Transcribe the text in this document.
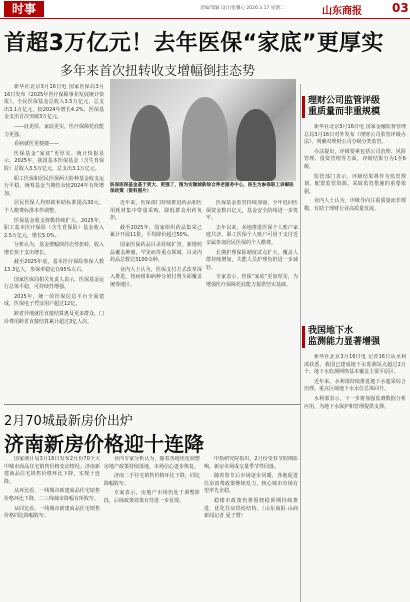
时事	责编/邹颖 设计/张馨心 2026.3.17 星期二	山东商报	03
首超3万亿元！去年医保“家底”更厚实
多年来首次扭转收支增幅倒挂态势

新华社北京3月16日电 国家医保局3月16日发布《2025年医疗保障事业发展统计快报》。全民医保基金总收入3.5万亿元，总支出3.1万亿元，较2024年增长4.2%，医保基金支出首次突破3万亿元。

——底更厚，家底更实，医疗保障托底能力更强。

看病就医更便捷——

医保基金“家底”更厚实。统计快报显示，2025年，我国基本医保基金（含生育保险）总收入3.5万亿元，总支出3.1万亿元。

职工医保和居民医保两大险种基金收支运行平稳，统筹基金当期结余较2024年有所增加。

居民医保人均财政补助标准提高30元，个人缴费标准未作调整。

医保基金收支规模持续扩大。2025年，职工基本医疗保险（含生育保险）基金收入2.5万亿元，增长5.0%。

分析认为，基金增幅倒挂态势扭转，收入增长快于支出增长。

截至2025年底，基本医疗保险参保人数13.3亿人，参保率稳定在95%左右。

国家医保局相关负责人表示，医保基金运行总体平稳，可持续性增强。

2025年，统一的医保信息平台全面建成，医保电子凭证用户超过12亿。

跨省异地就医直接结算惠及更多群众，门诊费用跨省直接结算累计超过3亿人次。

医保医保基金基于更大、更强了，图为安顺城新综合养老服务中心，医生为参保职工讲解医保政策（资料图片）

近年来，医保部门持续推进药品和医用耗材集中带量采购，降低群众用药负担。

截至2025年，国家组织药品集采已累计开展11批，平均降价超过50%。

国家医保药品目录持续扩容，新增药品覆盖肿瘤、罕见病等重点领域，目录内药品总数达3100余种。

业内人士认为，医保支付方式改革深入推进，按病组和病种分值付费全面覆盖统筹地区。

医保基金监管持续加强，全年追回医保资金数百亿元，基金安全防线进一步筑牢。

去年以来，多地推进医保个人账户家庭共济，职工医保个人账户可用于支付近亲属参加居民医保的个人缴费。

长期护理保险制度试点扩大，覆盖人群持续增加，失能人员护理负担进一步减轻。

专家表示，医保“家底”更加厚实，为增强医疗保障托底能力提供坚实基础。

理财公司监管评级
重质量而非重规模

新华社北京3月16日电 国家金融监督管理总局3月16日对外发布《理财公司监管评级办法》，明确对理财公司分级分类监管。

办法提出，评级要素包括公司治理、风险管理、投资管理等方面，评级结果分为1至6级。

监管部门表示，评级结果将作为监管规划、配置监管资源、采取监管措施的重要依据。

业内人士认为，评级导向注重质量而非规模，有助于理财行业高质量发展。

我国地下水
监测能力显著增强

新华社北京3月16日电 记者16日从水利部获悉，我国已建成地下水监测站点超过2万个，地下水监测网络基本覆盖主要平原区。

近年来，水利部持续推进地下水超采综合治理，重点区域地下水水位总体回升。

水利部表示，下一步将加强监测数据分析应用，为地下水保护和管理提供支撑。

2月70城最新房价出炉
济南新房价格迎十连降

国家统计局3月16日发布2月份70个大中城市商品住宅销售价格变动情况。济南新建商品住宅销售价格环比下降，实现十连降。

从环比看，一线城市新建商品住宅销售价格环比下降，二三线城市降幅有所收窄。

从同比看，一线城市新建商品住宅销售价格同比降幅收窄。

业内专家分析认为，随着各地优化调整房地产政策持续落地，市场信心逐步恢复。

济南二手住宅销售价格环比下降，同比降幅收窄。

专家表示，房地产市场仍处于调整阶段，后续政策效果有待进一步显现。

中指研究院指出，2月份受春节假期影响，新房市场成交量季节性回落。

随着春节后市场逐步回暖，各地促进住房消费政策继续发力，核心城市市场有望率先企稳。

稳楼市政策仍将围绕稳预期持续推进，优化住房供给结构。（山东商报·山商新闻记者 夏子赞）
